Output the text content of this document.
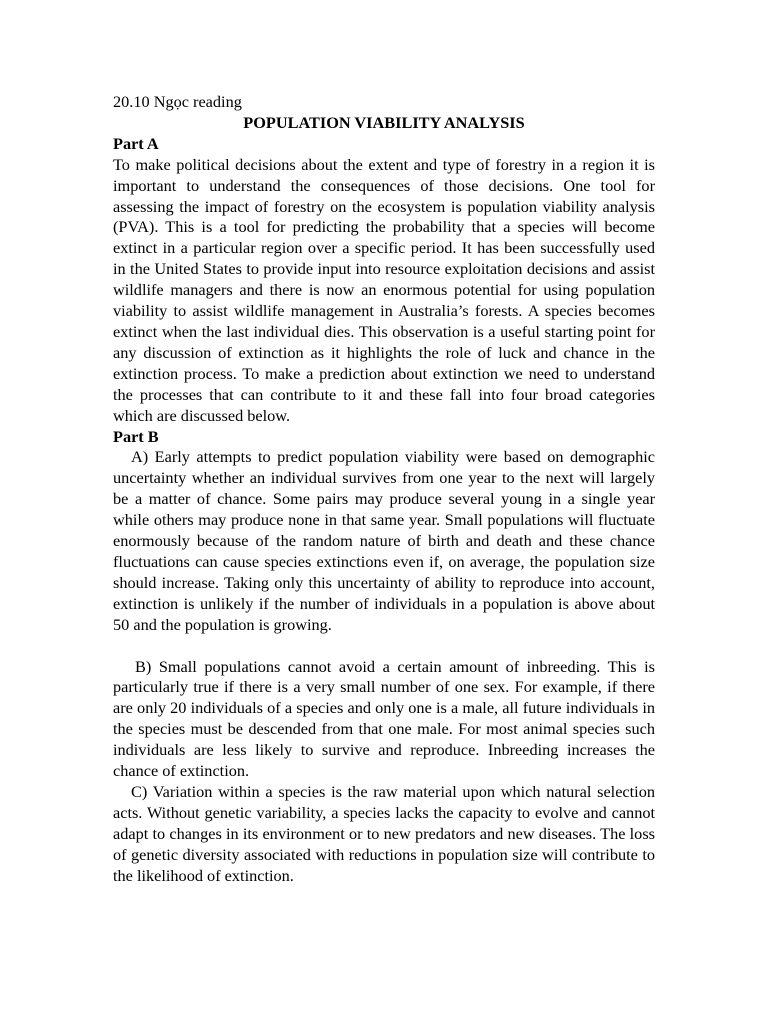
20.10 Ngọc reading

POPULATION VIABILITY ANALYSIS

Part A

To make political decisions about the extent and type of forestry in a region it is important to understand the consequences of those decisions. One tool for assessing the impact of forestry on the ecosystem is population viability analysis (PVA). This is a tool for predicting the probability that a species will become extinct in a particular region over a specific period. It has been successfully used in the United States to provide input into resource exploitation decisions and assist wildlife managers and there is now an enormous potential for using population viability to assist wildlife management in Australia’s forests. A species becomes extinct when the last individual dies. This observation is a useful starting point for any discussion of extinction as it highlights the role of luck and chance in the extinction process. To make a prediction about extinction we need to understand the processes that can contribute to it and these fall into four broad categories which are discussed below.

Part B

A) Early attempts to predict population viability were based on demographic uncertainty whether an individual survives from one year to the next will largely be a matter of chance. Some pairs may produce several young in a single year while others may produce none in that same year. Small populations will fluctuate enormously because of the random nature of birth and death and these chance fluctuations can cause species extinctions even if, on average, the population size should increase. Taking only this uncertainty of ability to reproduce into account, extinction is unlikely if the number of individuals in a population is above about 50 and the population is growing.

B) Small populations cannot avoid a certain amount of inbreeding. This is particularly true if there is a very small number of one sex. For example, if there are only 20 individuals of a species and only one is a male, all future individuals in the species must be descended from that one male. For most animal species such individuals are less likely to survive and reproduce. Inbreeding increases the chance of extinction.

C) Variation within a species is the raw material upon which natural selection acts. Without genetic variability, a species lacks the capacity to evolve and cannot adapt to changes in its environment or to new predators and new diseases. The loss of genetic diversity associated with reductions in population size will contribute to the likelihood of extinction.
